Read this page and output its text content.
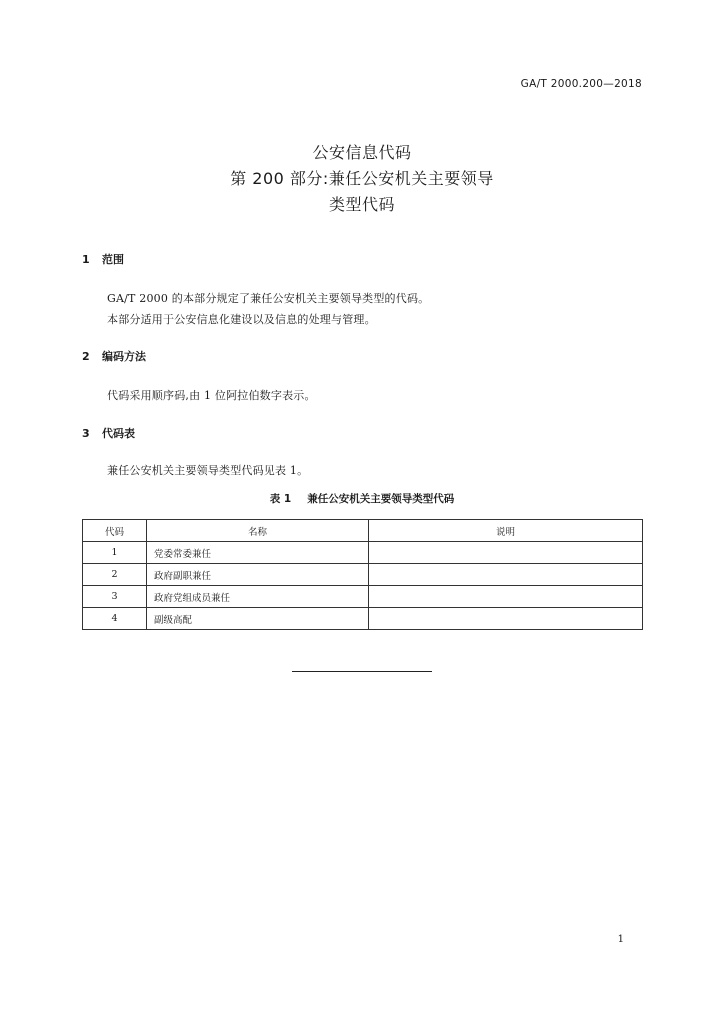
GA/T 2000.200—2018
公安信息代码
第 200 部分:兼任公安机关主要领导
类型代码
1 范围
GA/T 2000 的本部分规定了兼任公安机关主要领导类型的代码。
本部分适用于公安信息化建设以及信息的处理与管理。
2 编码方法
代码采用顺序码,由 1 位阿拉伯数字表示。
3 代码表
兼任公安机关主要领导类型代码见表 1。
表 1 兼任公安机关主要领导类型代码
代码	名称	说明
1	党委常委兼任	
2	政府副职兼任	
3	政府党组成员兼任	
4	副级高配	
1
